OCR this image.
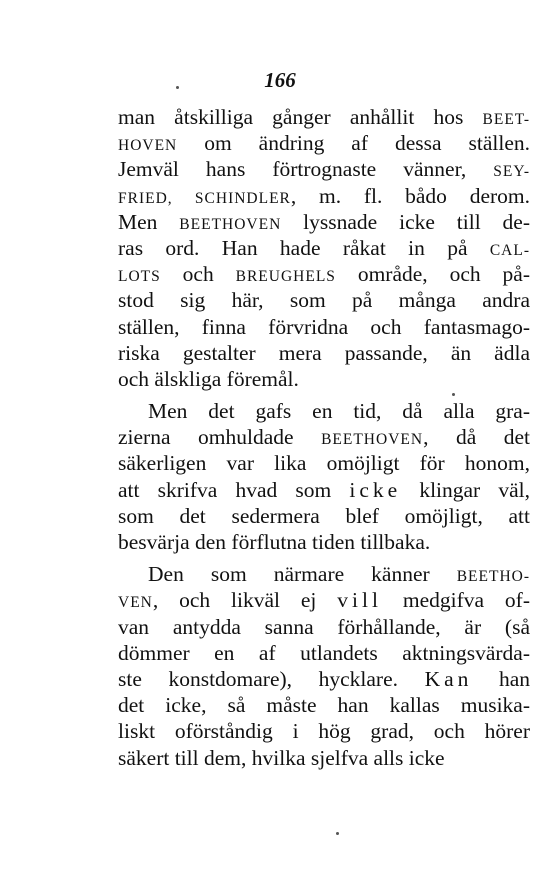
166
man åtskilliga gånger anhållit hos BEET-
HOVEN om ändring af dessa ställen.
Jemväl hans förtrognaste vänner, SEY-
FRIED, SCHINDLER, m. fl. bådo derom.
Men BEETHOVEN lyssnade icke till de-
ras ord. Han hade råkat in på CAL-
LOTS och BREUGHELS område, och på-
stod sig här, som på många andra
ställen, finna förvridna och fantasmago-
riska gestalter mera passande, än ädla
och älskliga föremål.
Men det gafs en tid, då alla gra-
zierna omhuldade BEETHOVEN, då det
säkerligen var lika omöjligt för honom,
att skrifva hvad som icke klingar väl,
som det sedermera blef omöjligt, att
besvärja den förflutna tiden tillbaka.
Den som närmare känner BEETHO-
VEN, och likväl ej vill medgifva of-
van antydda sanna förhållande, är (så
dömmer en af utlandets aktningsvärda-
ste konstdomare), hycklare. Kan han
det icke, så måste han kallas musika-
liskt oförståndig i hög grad, och hörer
säkert till dem, hvilka sjelfva alls icke
